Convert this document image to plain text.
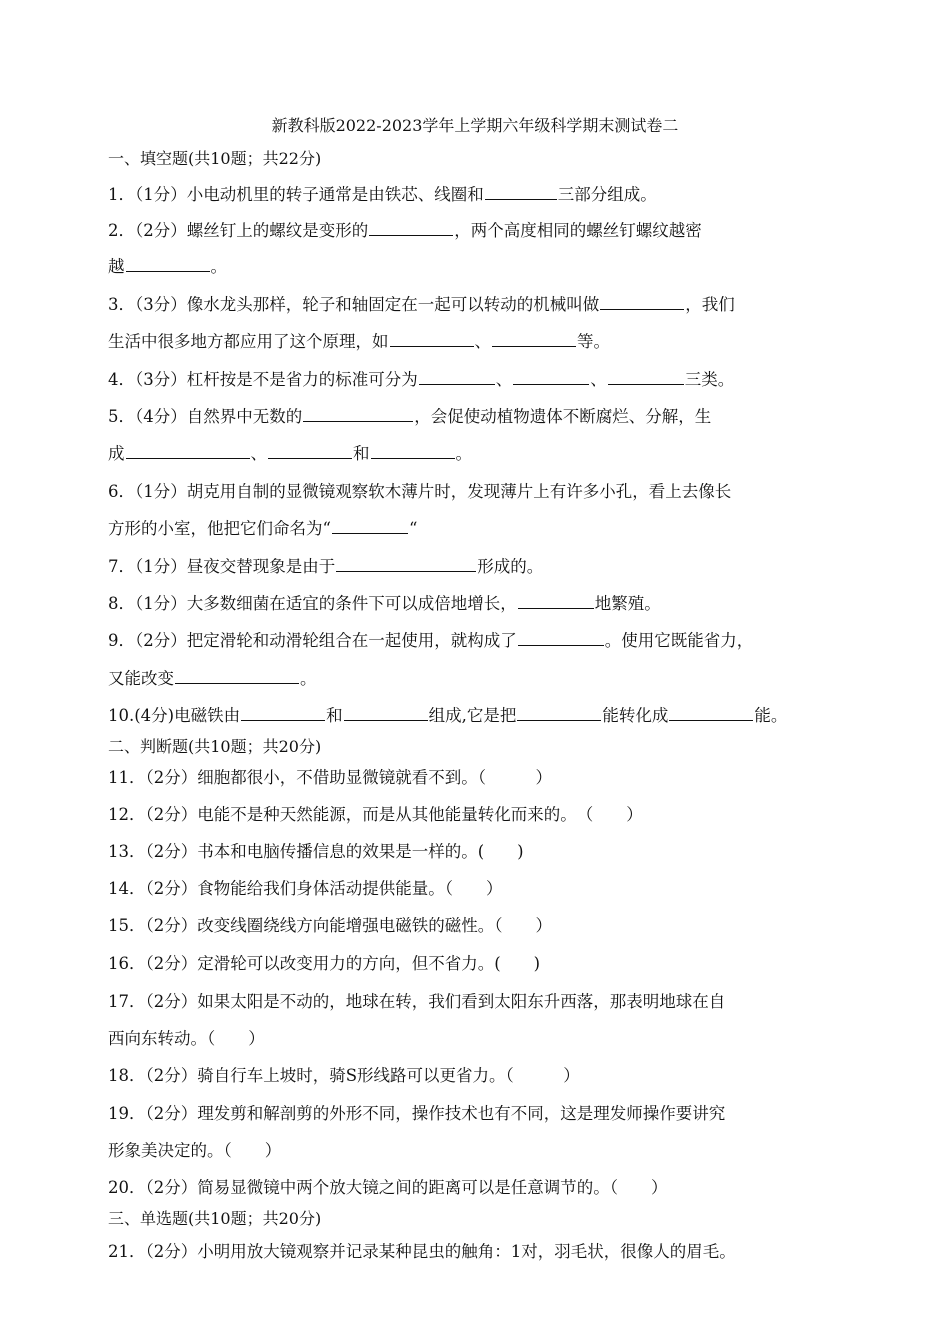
新教科版2022-2023学年上学期六年级科学期末测试卷二
一、填空题(共10题；共22分)
1．（1分）小电动机里的转子通常是由铁芯、线圈和	三部分组成。
2．（2分）螺丝钉上的螺纹是变形的	，两个高度相同的螺丝钉螺纹越密
越	。
3．（3分）像水龙头那样，轮子和轴固定在一起可以转动的机械叫做	，我们
生活中很多地方都应用了这个原理，如	、	等。
4．（3分）杠杆按是不是省力的标准可分为	、	、	三类。
5．（4分）自然界中无数的	，会促使动植物遗体不断腐烂、分解，生
成	、	和	。
6．（1分）胡克用自制的显微镜观察软木薄片时，发现薄片上有许多小孔，看上去像长
方形的小室，他把它们命名为“	“
7．（1分）昼夜交替现象是由于	形成的。
8．（1分）大多数细菌在适宜的条件下可以成倍地增长，	地繁殖。
9．（2分）把定滑轮和动滑轮组合在一起使用，就构成了	。使用它既能省力，
又能改变	。
10.(4分)电磁铁由	和	组成,它是把	能转化成	能。
二、判断题(共10题；共20分)
11．（2分）细胞都很小，不借助显微镜就看不到。（　　　）
12．（2分）电能不是种天然能源，而是从其他能量转化而来的。　（　　）
13．（2分）书本和电脑传播信息的效果是一样的。(　　)
14．（2分）食物能给我们身体活动提供能量。（　　）
15．（2分）改变线圈绕线方向能增强电磁铁的磁性。（　　）
16．（2分）定滑轮可以改变用力的方向，但不省力。(　　)
17．（2分）如果太阳是不动的，地球在转，我们看到太阳东升西落，那表明地球在自
西向东转动。（　　）
18．（2分）骑自行车上坡时，骑S形线路可以更省力。（　　　）
19．（2分）理发剪和解剖剪的外形不同，操作技术也有不同，这是理发师操作要讲究
形象美决定的。（　　）
20．（2分）简易显微镜中两个放大镜之间的距离可以是任意调节的。（　　）
三、单选题(共10题；共20分)
21．（2分）小明用放大镜观察并记录某种昆虫的触角：1对，羽毛状，很像人的眉毛。
